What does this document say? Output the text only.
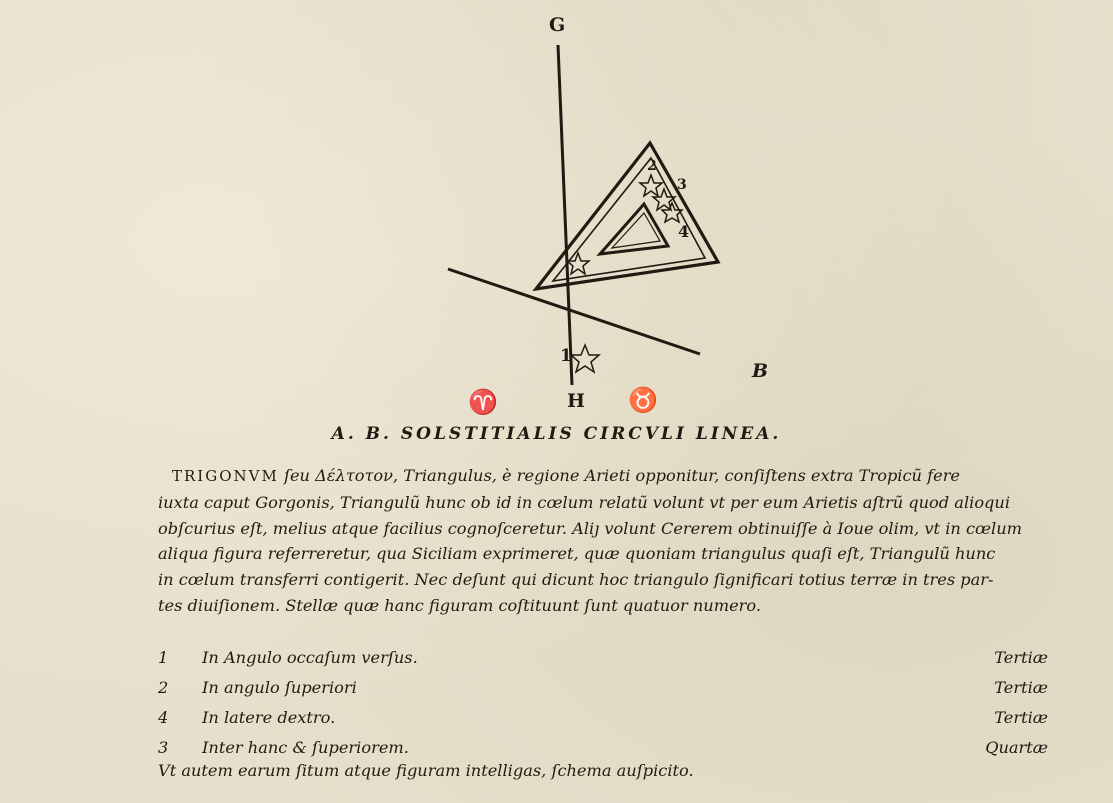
G
2
3
4
1
B
H
♈	♉
A. B. SOLSTITIALIS CIRCVLI LINEA.
TRIGONVM ſeu Δέλτοτον, Triangulus, è regione Arieti opponitur, conſiſtens extra Tropicũ fere
iuxta caput Gorgonis, Triangulũ hunc ob id in cœlum relatũ volunt vt per eum Arietis aſtrũ quod alioqui
obſcurius eſt, melius atque facilius cognoſceretur. Aliȷ volunt Cererem obtinuiſſe à Ioue olim, vt in cœlum
aliqua figura referreretur, qua Siciliam exprimeret, quæ quoniam triangulus quaſi eſt, Triangulũ hunc
in cœlum transferri contigerit. Nec deſunt qui dicunt hoc triangulo ſignificari totius terræ in tres par-
tes diuiſionem. Stellæ quæ hanc figuram coſtituunt ſunt quatuor numero.
1	In Angulo occaſum verſus.	Tertiæ
2	In angulo ſuperiori	Tertiæ
4	In latere dextro.	Tertiæ
3	Inter hanc & ſuperiorem.	Quartæ
Vt autem earum ſitum atque figuram intelligas, ſchema auſpicito.
